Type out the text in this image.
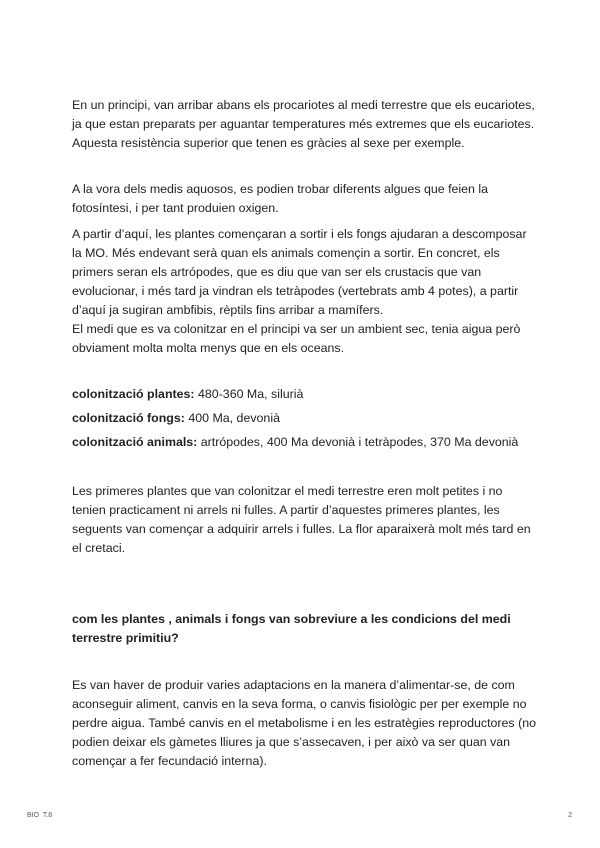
En un principi, van arribar abans els procariotes al medi terrestre que els eucariotes,
ja que estan preparats per aguantar temperatures més extremes que els eucariotes.
Aquesta resistència superior que tenen es gràcies al sexe per exemple.

A la vora dels medis aquosos, es podien trobar diferents algues que feien la
fotosíntesi, i per tant produien oxigen.

A partir d’aquí, les plantes començaran a sortir i els fongs ajudaran a descomposar
la MO. Més endevant serà quan els animals començin a sortir. En concret, els
primers seran els artrópodes, que es diu que van ser els crustacis que van
evolucionar, i més tard ja vindran els tetràpodes (vertebrats amb 4 potes), a partir
d’aquí ja sugiran ambfibis, rèptils fins arribar a mamífers.

El medi que es va colonitzar en el principi va ser un ambient sec, tenia aigua però
obviament molta molta menys que en els oceans.

colonització plantes: 480-360 Ma, silurià
colonització fongs: 400 Ma, devonià
colonització animals: artrópodes, 400 Ma devonià i tetràpodes, 370 Ma devonià

Les primeres plantes que van colonitzar el medi terrestre eren molt petites i no
tenien practicament ni arrels ni fulles. A partir d’aquestes primeres plantes, les
seguents van començar a adquirir arrels i fulles. La flor aparaixerà molt més tard en
el cretaci.

com les plantes , animals i fongs van sobreviure a les condicions del medi
terrestre primitiu?

Es van haver de produir varies adaptacions en la manera d’alimentar-se, de com
aconseguir aliment, canvis en la seva forma, o canvis fisiològic per per exemple no
perdre aigua. També canvis en el metabolisme i en les estratègies reproductores (no
podien deixar els gàmetes lliures ja que s’assecaven, i per això va ser quan van
començar a fer fecundació interna).

BIO  T.8	2
